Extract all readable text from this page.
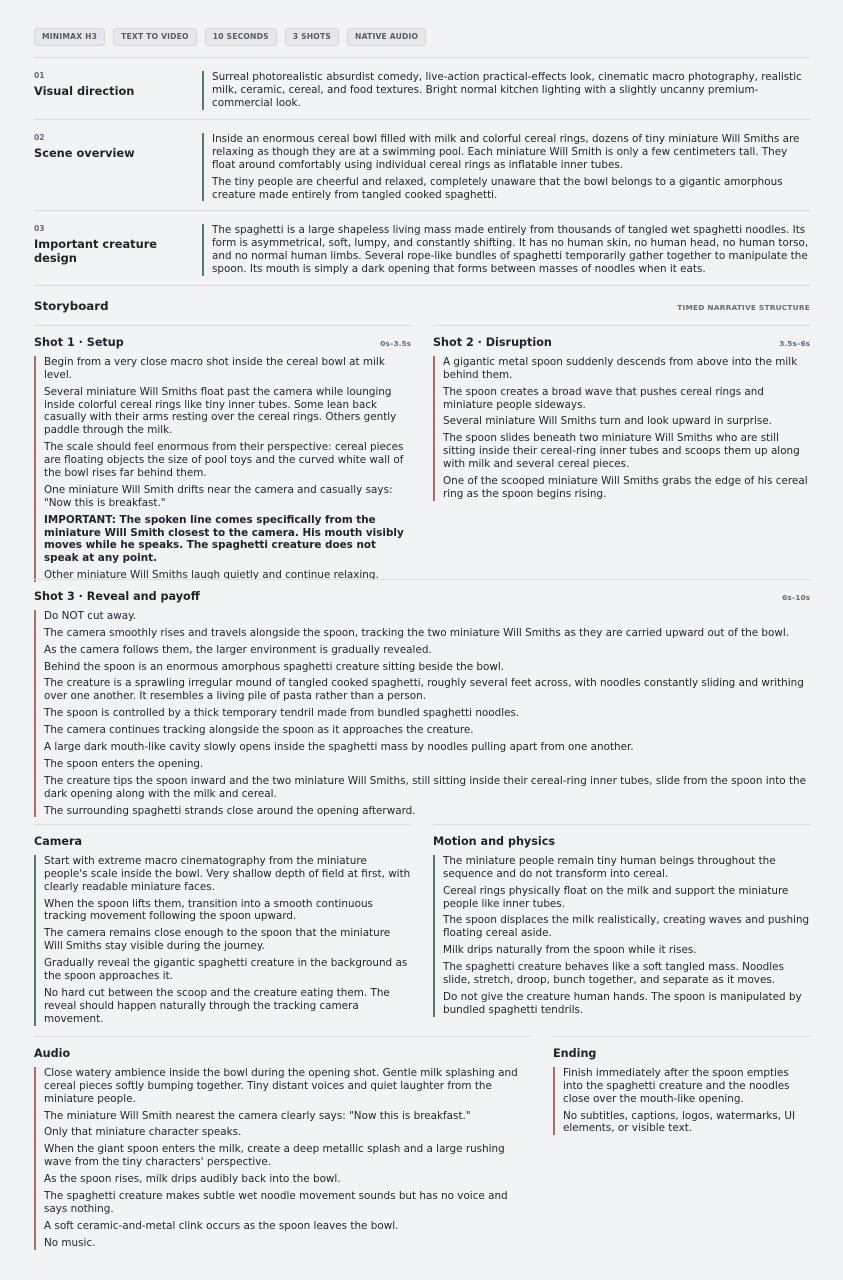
MINIMAX H3	TEXT TO VIDEO	10 SECONDS	3 SHOTS	NATIVE AUDIO
01
Visual direction

Surreal photorealistic absurdist comedy, live-action practical-effects look, cinematic macro photography, realistic milk, ceramic, cereal, and food textures. Bright normal kitchen lighting with a slightly uncanny premium-commercial look.

02
Scene overview

Inside an enormous cereal bowl filled with milk and colorful cereal rings, dozens of tiny miniature Will Smiths are relaxing as though they are at a swimming pool. Each miniature Will Smith is only a few centimeters tall. They float around comfortably using individual cereal rings as inflatable inner tubes.

The tiny people are cheerful and relaxed, completely unaware that the bowl belongs to a gigantic amorphous creature made entirely from tangled cooked spaghetti.

03
Important creature design

The spaghetti is a large shapeless living mass made entirely from thousands of tangled wet spaghetti noodles. Its form is asymmetrical, soft, lumpy, and constantly shifting. It has no human skin, no human head, no human torso, and no normal human limbs. Several rope-like bundles of spaghetti temporarily gather together to manipulate the spoon. Its mouth is simply a dark opening that forms between masses of noodles when it eats.

Storyboard	TIMED NARRATIVE STRUCTURE
Shot 1 · Setup	0s–3.5s

Begin from a very close macro shot inside the cereal bowl at milk level.

Several miniature Will Smiths float past the camera while lounging inside colorful cereal rings like tiny inner tubes. Some lean back casually with their arms resting over the cereal rings. Others gently paddle through the milk.

The scale should feel enormous from their perspective: cereal pieces are floating objects the size of pool toys and the curved white wall of the bowl rises far behind them.

One miniature Will Smith drifts near the camera and casually says: "Now this is breakfast."

IMPORTANT: The spoken line comes specifically from the miniature Will Smith closest to the camera. His mouth visibly moves while he speaks. The spaghetti creature does not speak at any point.

Other miniature Will Smiths laugh quietly and continue relaxing.

Shot 2 · Disruption	3.5s–6s

A gigantic metal spoon suddenly descends from above into the milk behind them.

The spoon creates a broad wave that pushes cereal rings and miniature people sideways.

Several miniature Will Smiths turn and look upward in surprise.

The spoon slides beneath two miniature Will Smiths who are still sitting inside their cereal-ring inner tubes and scoops them up along with milk and several cereal pieces.

One of the scooped miniature Will Smiths grabs the edge of his cereal ring as the spoon begins rising.

Shot 3 · Reveal and payoff	6s–10s

Do NOT cut away.

The camera smoothly rises and travels alongside the spoon, tracking the two miniature Will Smiths as they are carried upward out of the bowl.

As the camera follows them, the larger environment is gradually revealed.

Behind the spoon is an enormous amorphous spaghetti creature sitting beside the bowl.

The creature is a sprawling irregular mound of tangled cooked spaghetti, roughly several feet across, with noodles constantly sliding and writhing over one another. It resembles a living pile of pasta rather than a person.

The spoon is controlled by a thick temporary tendril made from bundled spaghetti noodles.

The camera continues tracking alongside the spoon as it approaches the creature.

A large dark mouth-like cavity slowly opens inside the spaghetti mass by noodles pulling apart from one another.

The spoon enters the opening.

The creature tips the spoon inward and the two miniature Will Smiths, still sitting inside their cereal-ring inner tubes, slide from the spoon into the dark opening along with the milk and cereal.

The surrounding spaghetti strands close around the opening afterward.

Camera

Start with extreme macro cinematography from the miniature people's scale inside the bowl. Very shallow depth of field at first, with clearly readable miniature faces.

When the spoon lifts them, transition into a smooth continuous tracking movement following the spoon upward.

The camera remains close enough to the spoon that the miniature Will Smiths stay visible during the journey.

Gradually reveal the gigantic spaghetti creature in the background as the spoon approaches it.

No hard cut between the scoop and the creature eating them. The reveal should happen naturally through the tracking camera movement.

Motion and physics

The miniature people remain tiny human beings throughout the sequence and do not transform into cereal.

Cereal rings physically float on the milk and support the miniature people like inner tubes.

The spoon displaces the milk realistically, creating waves and pushing floating cereal aside.

Milk drips naturally from the spoon while it rises.

The spaghetti creature behaves like a soft tangled mass. Noodles slide, stretch, droop, bunch together, and separate as it moves.

Do not give the creature human hands. The spoon is manipulated by bundled spaghetti tendrils.

Audio

Close watery ambience inside the bowl during the opening shot. Gentle milk splashing and cereal pieces softly bumping together. Tiny distant voices and quiet laughter from the miniature people.

The miniature Will Smith nearest the camera clearly says: "Now this is breakfast."

Only that miniature character speaks.

When the giant spoon enters the milk, create a deep metallic splash and a large rushing wave from the tiny characters' perspective.

As the spoon rises, milk drips audibly back into the bowl.

The spaghetti creature makes subtle wet noodle movement sounds but has no voice and says nothing.

A soft ceramic-and-metal clink occurs as the spoon leaves the bowl.

No music.

Ending

Finish immediately after the spoon empties into the spaghetti creature and the noodles close over the mouth-like opening.

No subtitles, captions, logos, watermarks, UI elements, or visible text.
